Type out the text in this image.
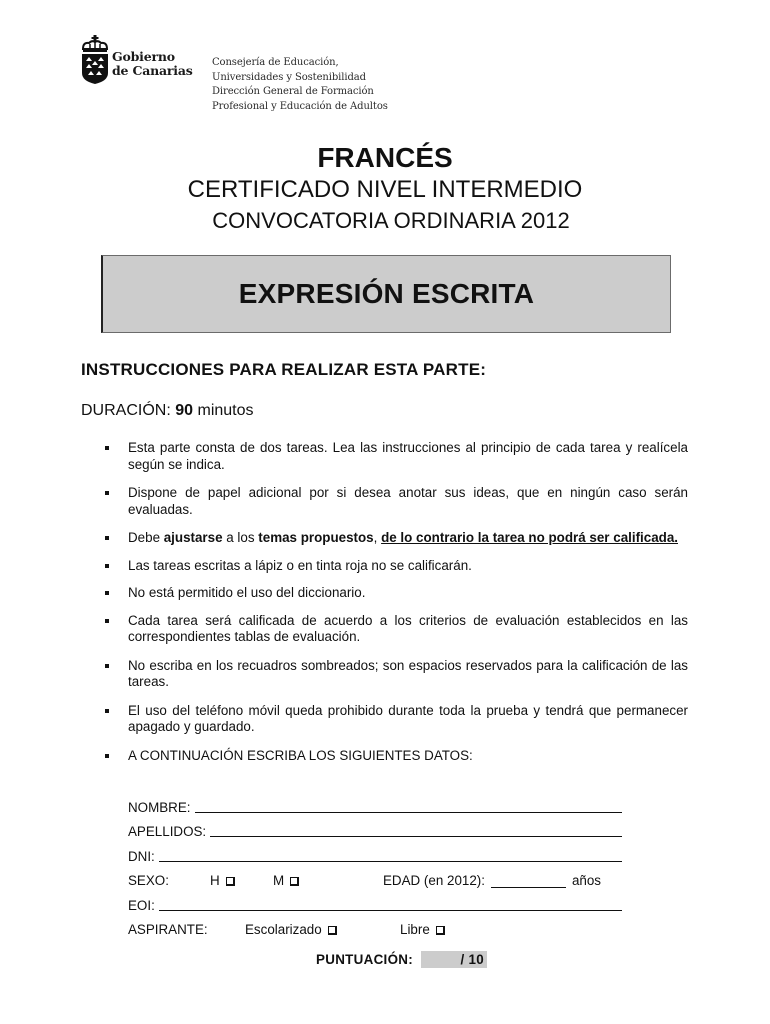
Gobierno
de Canarias
Consejería de Educación,
Universidades y Sostenibilidad
Dirección General de Formación
Profesional y Educación de Adultos
FRANCÉS
CERTIFICADO NIVEL INTERMEDIO
CONVOCATORIA ORDINARIA 2012
EXPRESIÓN ESCRITA
INSTRUCCIONES PARA REALIZAR ESTA PARTE:
DURACIÓN: 90 minutos
Esta parte consta de dos tareas. Lea las instrucciones al principio de cada tarea y realícela según se indica.
Dispone de papel adicional por si desea anotar sus ideas, que en ningún caso serán evaluadas.
Debe ajustarse a los temas propuestos, de lo contrario la tarea no podrá ser calificada.
Las tareas escritas a lápiz o en tinta roja no se calificarán.
No está permitido el uso del diccionario.
Cada tarea será calificada de acuerdo a los criterios de evaluación establecidos en las correspondientes tablas de evaluación.
No escriba en los recuadros sombreados; son espacios reservados para la calificación de las tareas.
El uso del teléfono móvil queda prohibido durante toda la prueba y tendrá que permanecer apagado y guardado.
A CONTINUACIÓN ESCRIBA LOS SIGUIENTES DATOS:
NOMBRE:
APELLIDOS:
DNI:
SEXO:	H	M	EDAD (en 2012):	años
EOI:
ASPIRANTE:	Escolarizado	Libre
PUNTUACIÓN:	/ 10
